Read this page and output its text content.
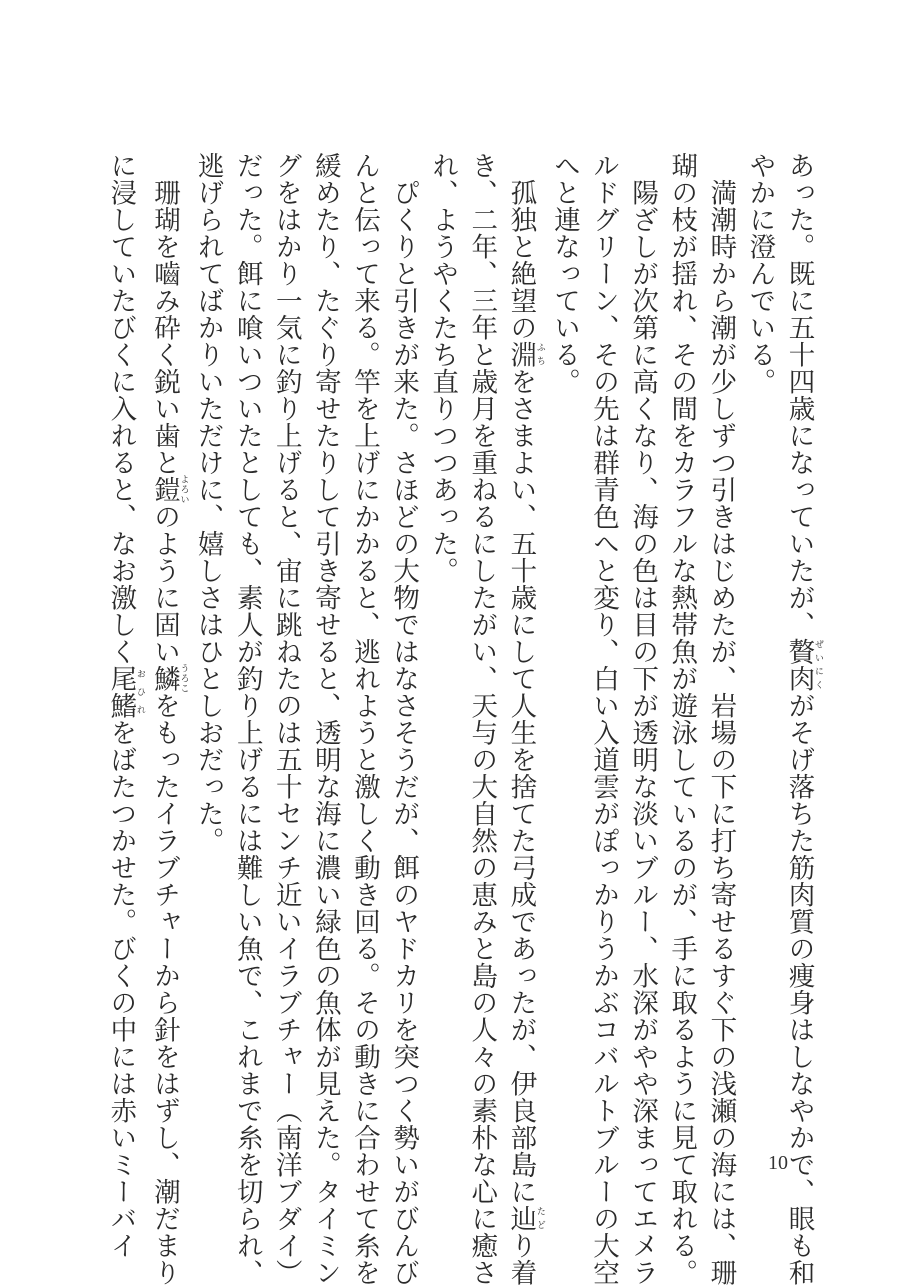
あった。既に五十四歳になっていたが、贅肉ぜいにくがそげ落ちた筋肉質の痩身はしなやかで、眼も和
やかに澄んでいる。
　満潮時から潮が少しずつ引きはじめたが、岩場の下に打ち寄せるすぐ下の浅瀬の海には、珊
瑚の枝が揺れ、その間をカラフルな熱帯魚が遊泳しているのが、手に取るように見て取れる。
　陽ざしが次第に高くなり、海の色は目の下が透明な淡いブルー、水深がやや深まってエメラ
ルドグリーン、その先は群青色へと変り、白い入道雲がぽっかりうかぶコバルトブルーの大空
へと連なっている。
　孤独と絶望の淵ふちをさまよい、五十歳にして人生を捨てた弓成であったが、伊良部島に辿たどり着
き、二年、三年と歳月を重ねるにしたがい、天与の大自然の恵みと島の人々の素朴な心に癒さ
れ、ようやくたち直りつつあった。
　ぴくりと引きが来た。さほどの大物ではなさそうだが、餌のヤドカリを突つく勢いがびんび
んと伝って来る。竿を上げにかかると、逃れようと激しく動き回る。その動きに合わせて糸を
緩めたり、たぐり寄せたりして引き寄せると、透明な海に濃い緑色の魚体が見えた。タイミン
グをはかり一気に釣り上げると、宙に跳ねたのは五十センチ近いイラブチャー（南洋ブダイ）
だった。餌に喰いついたとしても、素人が釣り上げるには難しい魚で、これまで糸を切られ、
逃げられてばかりいただけに、嬉しさはひとしおだった。
　珊瑚を嚙み砕く鋭い歯と鎧よろいのように固い鱗うろこをもったイラブチャーから針をはずし、潮だまり
に浸していたびくに入れると、なお激しく尾鰭おひれをばたつかせた。びくの中には赤いミーバイ	10
